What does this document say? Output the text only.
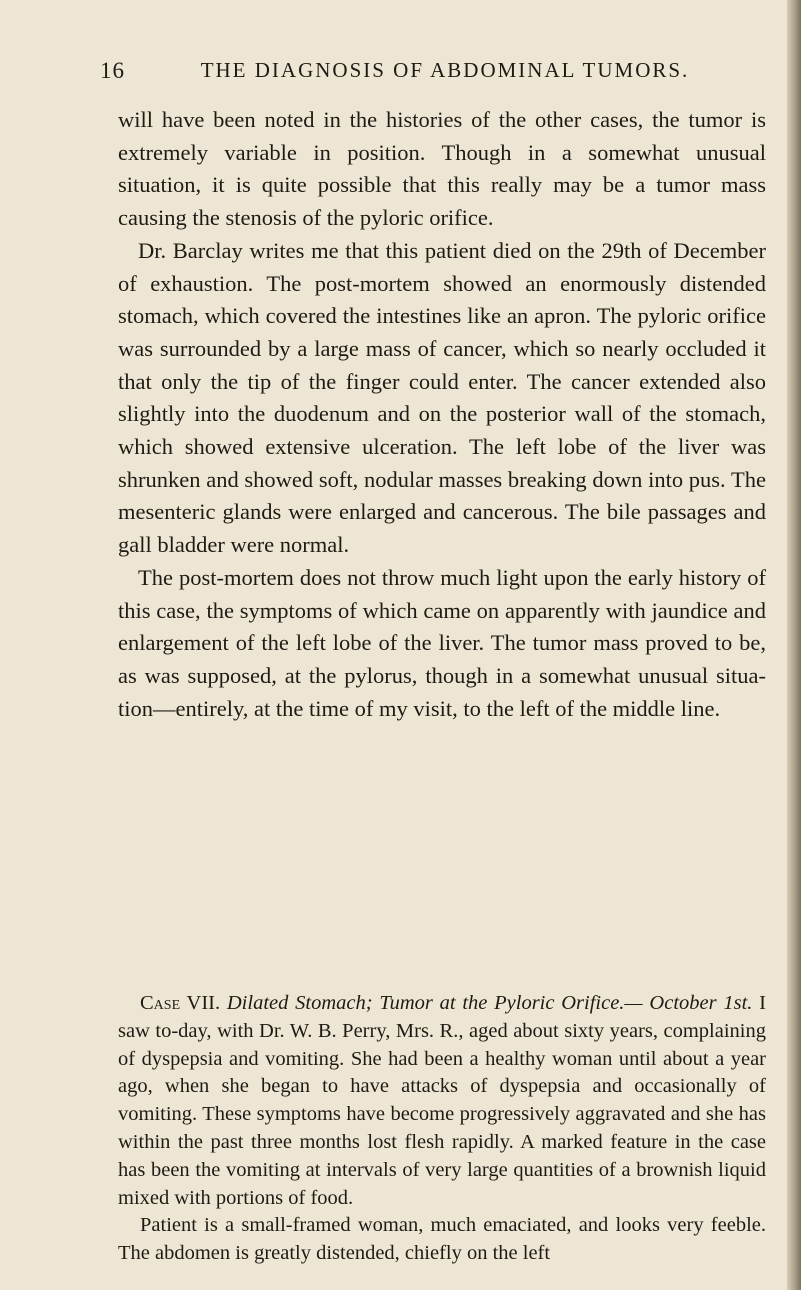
16	THE DIAGNOSIS OF ABDOMINAL TUMORS.

will have been noted in the histories of the other cases, the tumor is extremely variable in position. Though in a somewhat unusual situation, it is quite possible that this really may be a tumor mass causing the stenosis of the pyloric orifice.

Dr. Barclay writes me that this patient died on the 29th of December of exhaustion. The post-mortem showed an enormously distended stomach, which covered the intestines like an apron. The pyloric orifice was surrounded by a large mass of cancer, which so nearly occluded it that only the tip of the finger could enter. The cancer extended also slightly into the duodenum and on the posterior wall of the stomach, which showed extensive ulceration. The left lobe of the liver was shrunken and showed soft, nodular masses breaking down into pus. The mesenteric glands were enlarged and cancerous. The bile passages and gall bladder were normal.

The post-mortem does not throw much light upon the early history of this case, the symptoms of which came on apparently with jaundice and enlargement of the left lobe of the liver. The tumor mass proved to be, as was supposed, at the pylorus, though in a somewhat unusual situation—entirely, at the time of my visit, to the left of the middle line.

Case VII. Dilated Stomach; Tumor at the Pyloric Orifice.— October 1st. I saw to-day, with Dr. W. B. Perry, Mrs. R., aged about sixty years, complaining of dyspepsia and vomiting. She had been a healthy woman until about a year ago, when she began to have attacks of dyspepsia and occasionally of vomiting. These symptoms have become progressively aggravated and she has within the past three months lost flesh rapidly. A marked feature in the case has been the vomiting at intervals of very large quantities of a brownish liquid mixed with portions of food.

Patient is a small-framed woman, much emaciated, and looks very feeble. The abdomen is greatly distended, chiefly on the left
